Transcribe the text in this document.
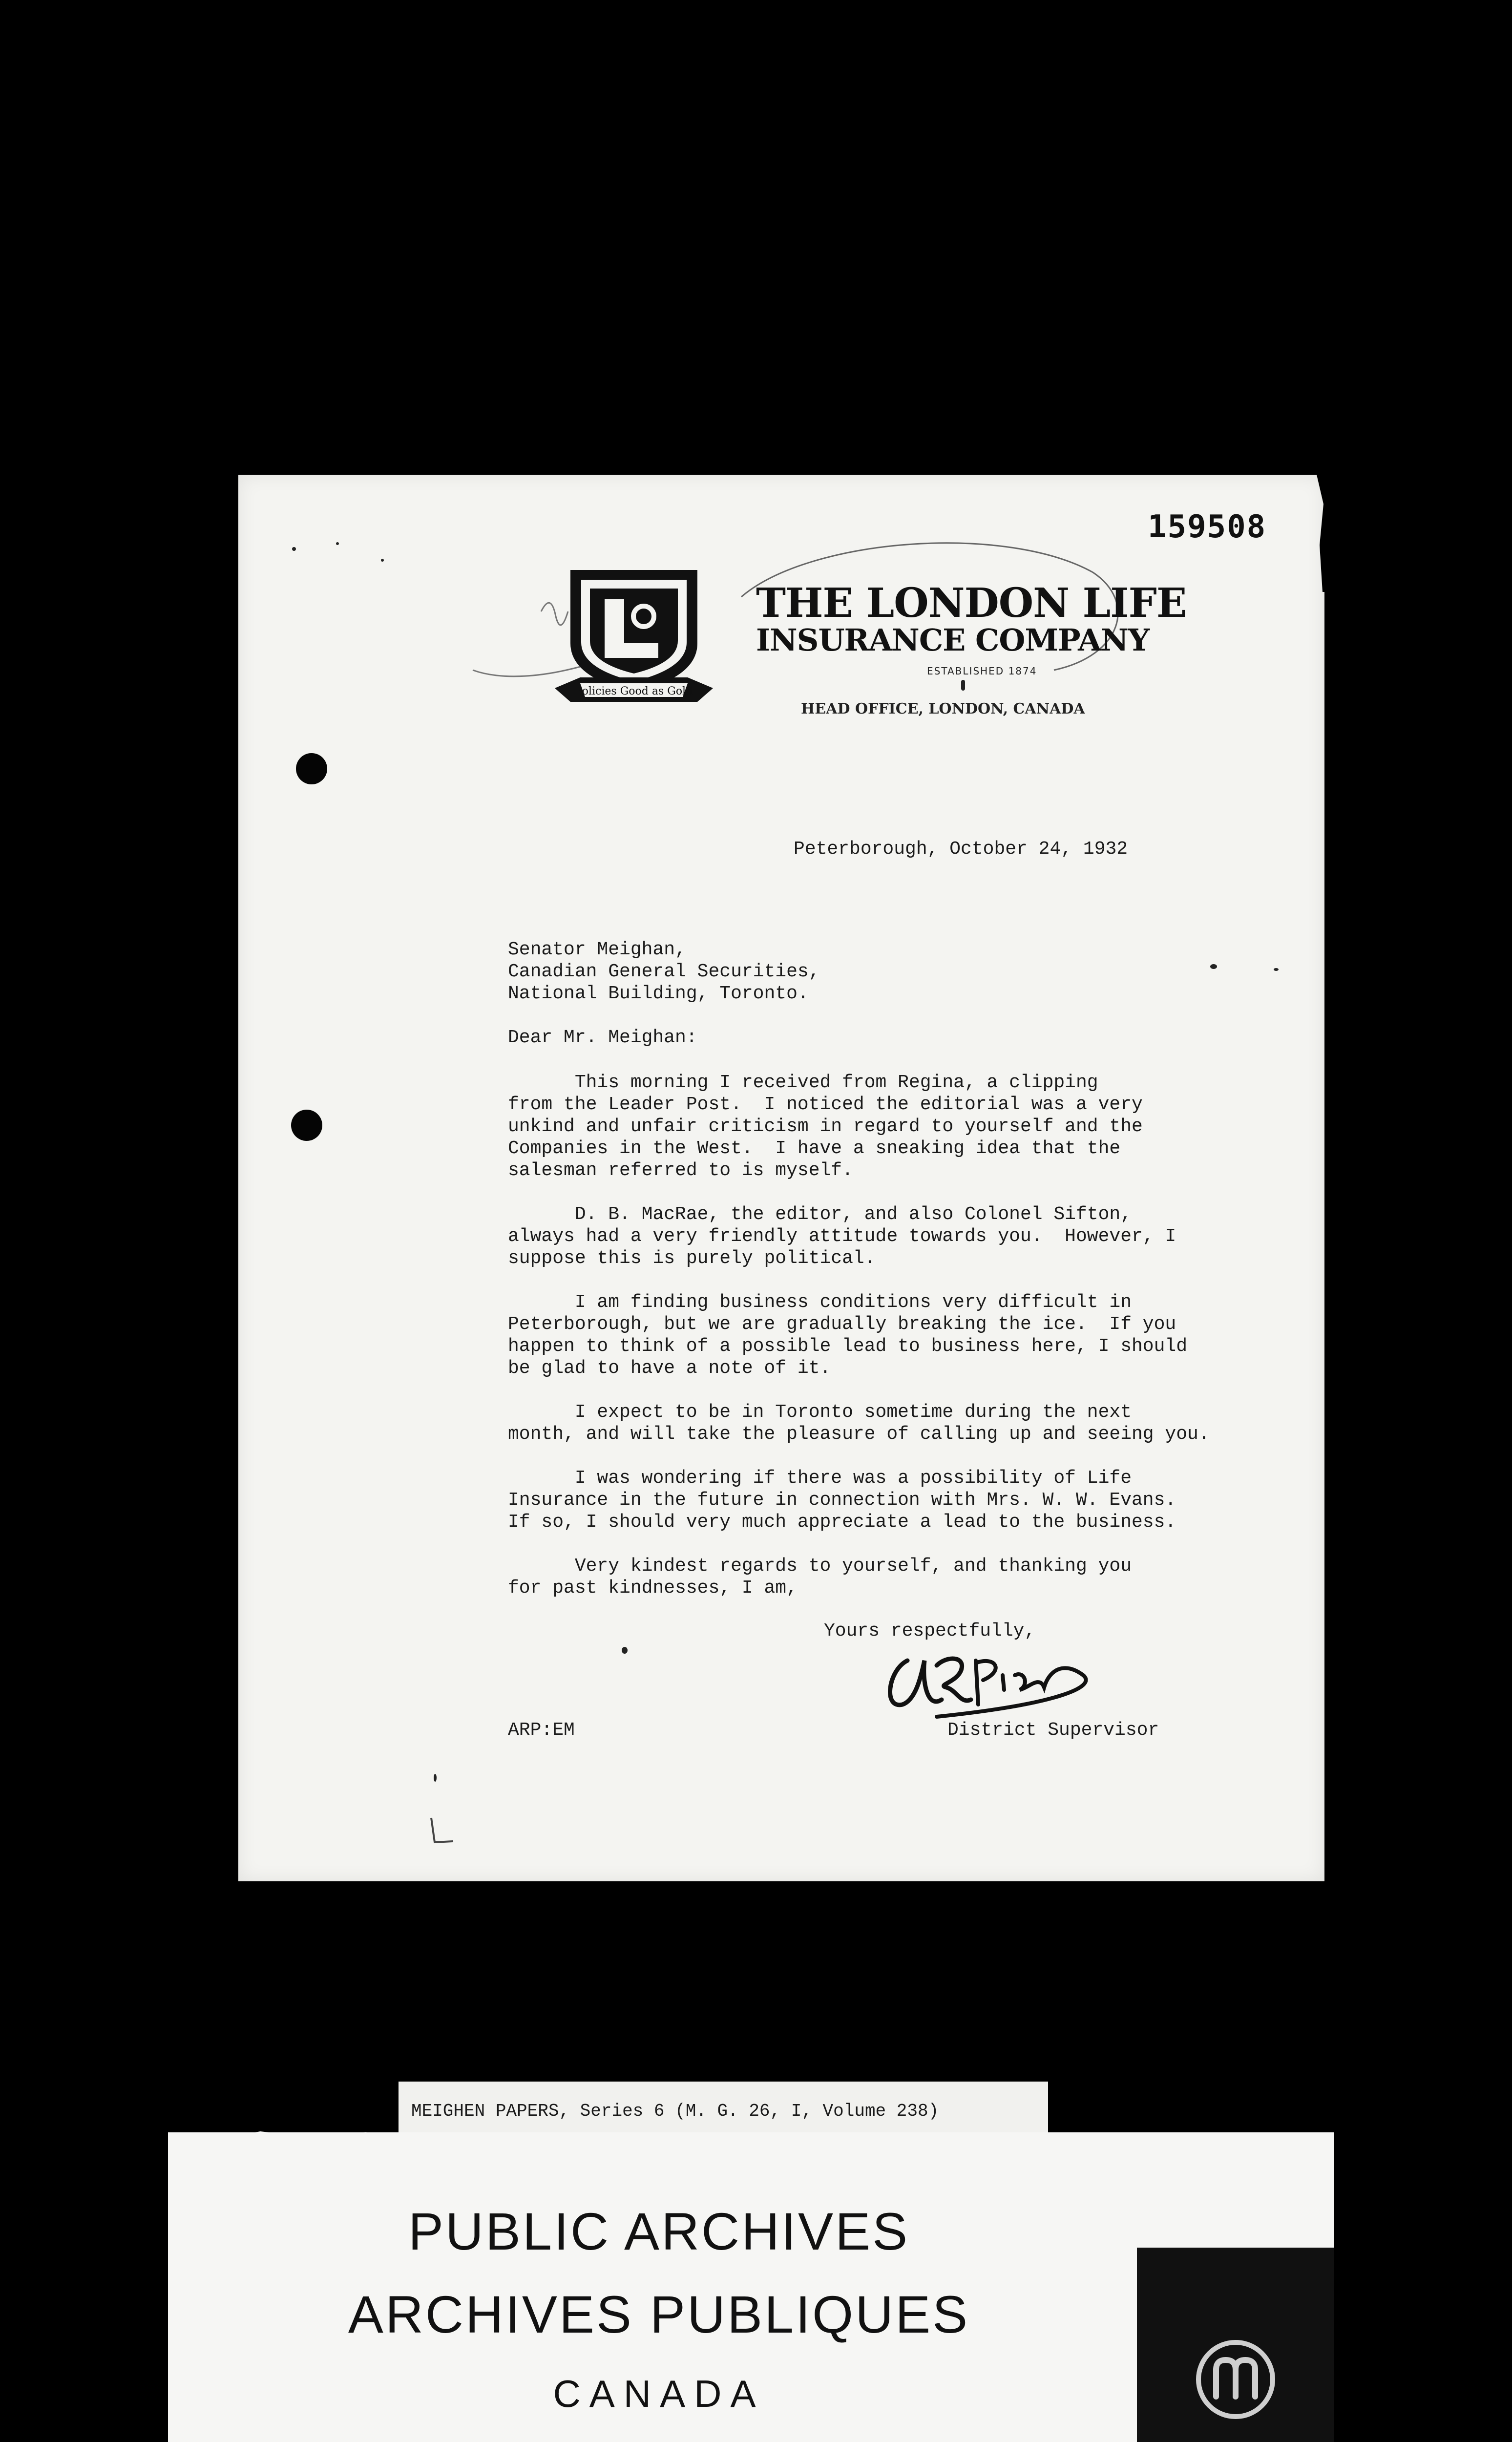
159508
Policies Good as Gold
THE LONDON LIFE
INSURANCE COMPANY
ESTABLISHED 1874
HEAD OFFICE, LONDON, CANADA
Peterborough, October 24, 1932
Senator Meighan,
Canadian General Securities,
National Building, Toronto.
Dear Mr. Meighan:
This morning I received from Regina, a clipping
from the Leader Post.  I noticed the editorial was a very
unkind and unfair criticism in regard to yourself and the
Companies in the West.  I have a sneaking idea that the
salesman referred to is myself.
D. B. MacRae, the editor, and also Colonel Sifton,
always had a very friendly attitude towards you.  However, I
suppose this is purely political.
I am finding business conditions very difficult in
Peterborough, but we are gradually breaking the ice.  If you
happen to think of a possible lead to business here, I should
be glad to have a note of it.
I expect to be in Toronto sometime during the next
month, and will take the pleasure of calling up and seeing you.
I was wondering if there was a possibility of Life
Insurance in the future in connection with Mrs. W. W. Evans.
If so, I should very much appreciate a lead to the business.
Very kindest regards to yourself, and thanking you
for past kindnesses, I am,
Yours respectfully,
ARP:EM	District Supervisor
MEIGHEN PAPERS, Series 6 (M. G. 26, I, Volume 238)
PUBLIC ARCHIVES
ARCHIVES PUBLIQUES
CANADA
